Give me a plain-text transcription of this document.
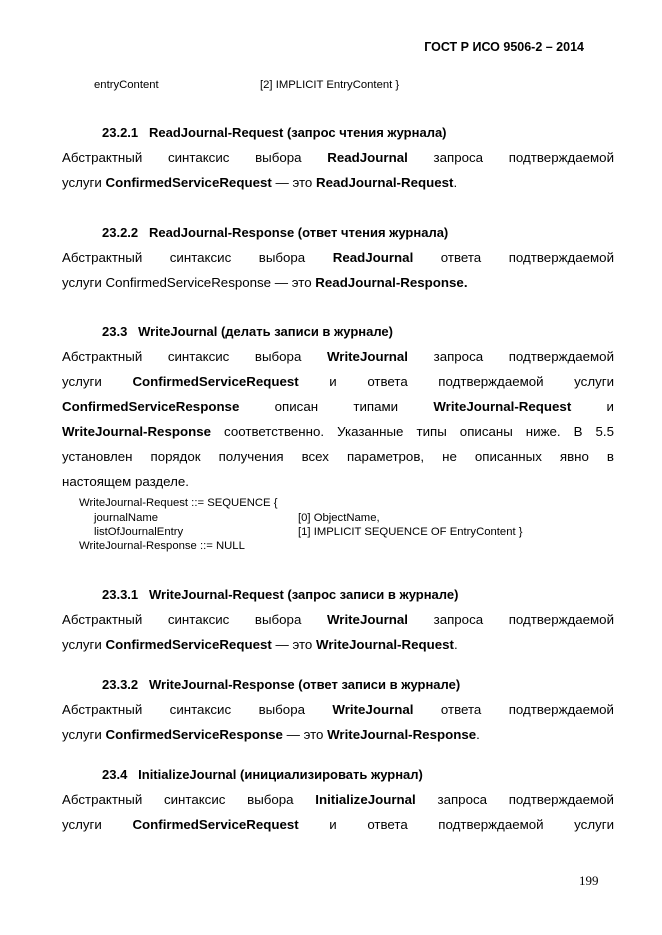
ГОСТ Р ИСО 9506-2 – 2014
entryContent	[2] IMPLICIT EntryContent }
23.2.1   ReadJournal-Request (запрос чтения журнала)
Абстрактный синтаксис выбора ReadJournal запроса подтверждаемой
услуги ConfirmedServiceRequest — это ReadJournal-Request.
23.2.2   ReadJournal-Response (ответ чтения журнала)
Абстрактный синтаксис выбора ReadJournal ответа подтверждаемой
услуги ConfirmedServiceResponse — это ReadJournal-Response.
23.3   WriteJournal (делать записи в журнале)
Абстрактный синтаксис выбора WriteJournal запроса подтверждаемой
услуги ConfirmedServiceRequest и ответа подтверждаемой услуги
ConfirmedServiceResponse описан типами WriteJournal-Request и
WriteJournal-Response соответственно. Указанные типы описаны ниже. В 5.5
установлен порядок получения всех параметров, не описанных явно в
настоящем разделе.
WriteJournal-Request ::= SEQUENCE {
journalName	[0] ObjectName,
listOfJournalEntry	[1] IMPLICIT SEQUENCE OF EntryContent }
WriteJournal-Response ::= NULL
23.3.1   WriteJournal-Request (запрос записи в журнале)
Абстрактный синтаксис выбора WriteJournal запроса подтверждаемой
услуги ConfirmedServiceRequest — это WriteJournal-Request.
23.3.2   WriteJournal-Response (ответ записи в журнале)
Абстрактный синтаксис выбора WriteJournal ответа подтверждаемой
услуги ConfirmedServiceResponse — это WriteJournal-Response.
23.4   InitializeJournal (инициализировать журнал)
Абстрактный синтаксис выбора InitializeJournal запроса подтверждаемой
услуги ConfirmedServiceRequest и ответа подтверждаемой услуги
199
